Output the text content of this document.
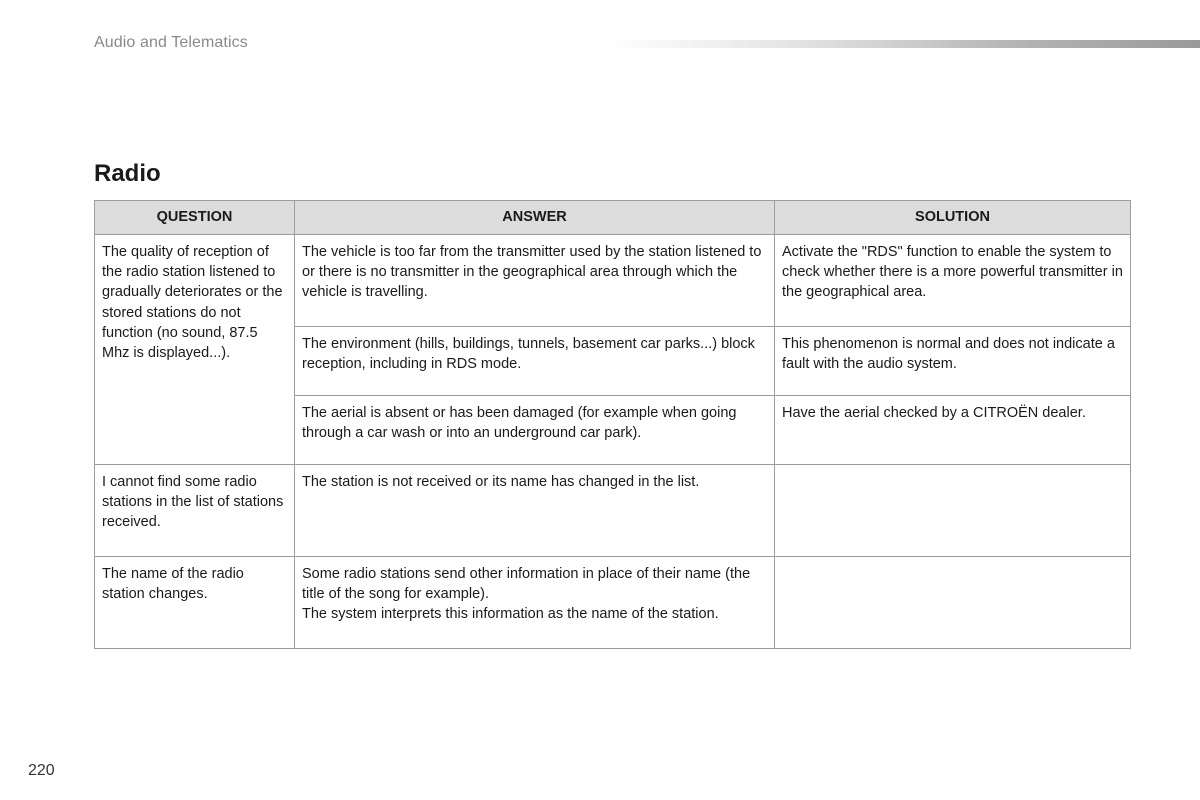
Audio and Telematics
Radio
QUESTION	ANSWER	SOLUTION
The quality of reception of the radio station listened to gradually deteriorates or the stored stations do not function (no sound, 87.5 Mhz is displayed...).	The vehicle is too far from the transmitter used by the station listened to or there is no transmitter in the geographical area through which the vehicle is travelling.	Activate the "RDS" function to enable the system to check whether there is a more powerful transmitter in the geographical area.
	The environment (hills, buildings, tunnels, basement car parks...) block reception, including in RDS mode.	This phenomenon is normal and does not indicate a fault with the audio system.
	The aerial is absent or has been damaged (for example when going through a car wash or into an underground car park).	Have the aerial checked by a CITROËN dealer.
I cannot find some radio stations in the list of stations received.	The station is not received or its name has changed in the list.	
The name of the radio station changes.	Some radio stations send other information in place of their name (the title of the song for example).
The system interprets this information as the name of the station.	

220
